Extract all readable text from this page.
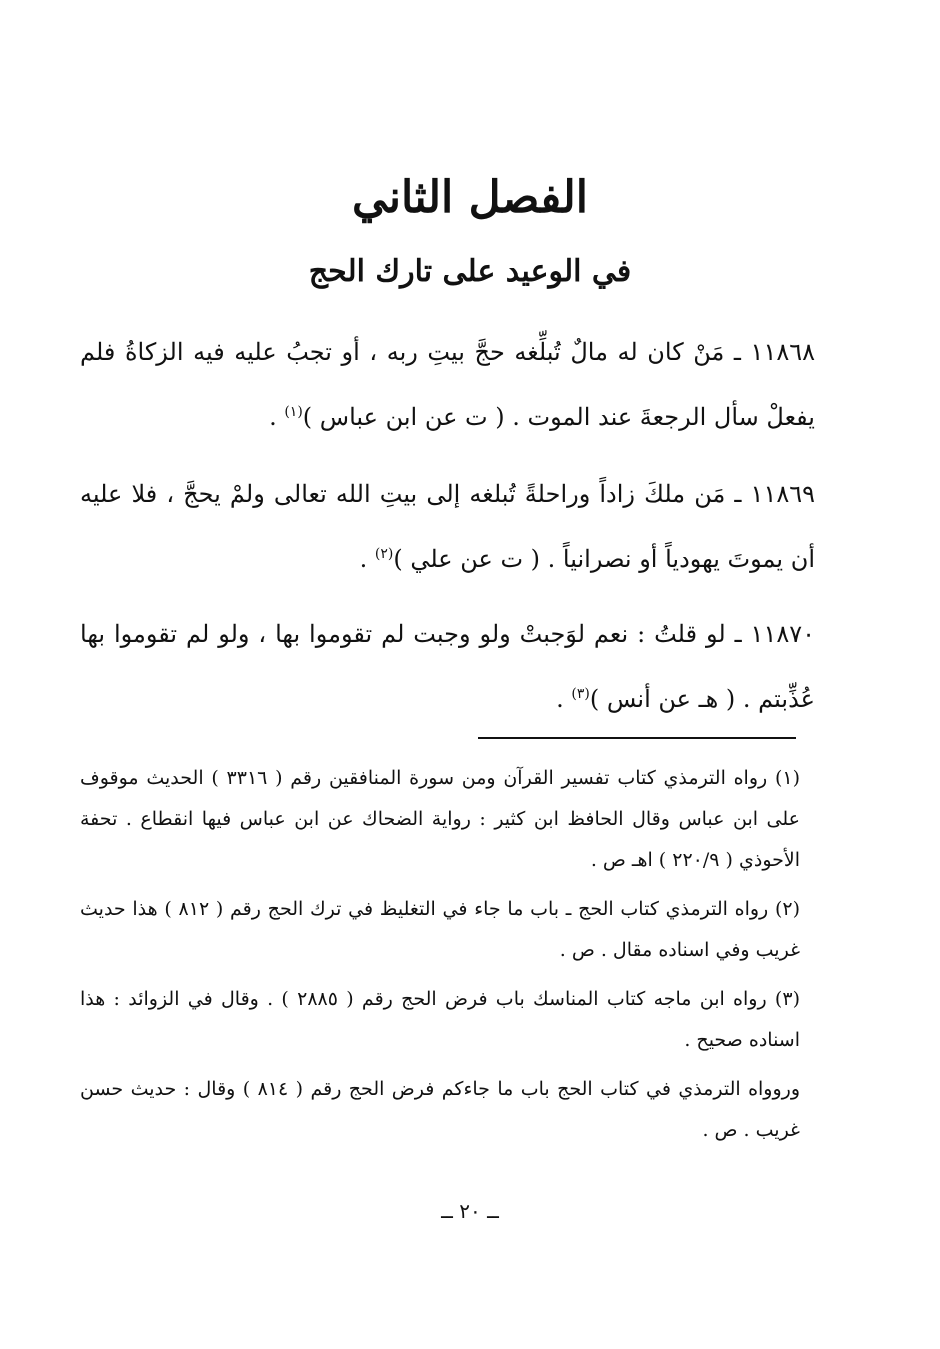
الفصل الثاني
في الوعيد على تارك الحج
١١٨٦٨ ـ مَنْ كان له مالٌ تُبلِّغه حجَّ بيتِ ربه ، أو تجبُ عليه فيه الزكاةُ فلم يفعلْ سأل الرجعةَ عند الموت . ( ت عن ابن عباس )$^{(١)}$ .
١١٨٦٩ ـ مَن ملكَ زاداً وراحلةً تُبلغه إلى بيتِ الله تعالى ولمْ يحجَّ ، فلا عليه أن يموتَ يهودياً أو نصرانياً . ( ت عن علي )$^{(٢)}$ .
١١٨٧٠ ـ لو قلتُ : نعم لوَجبتْ ولو وجبت لم تقوموا بها ، ولو لم تقوموا بها عُذِّبتم . ( هـ عن أنس )$^{(٣)}$ .

(١) رواه الترمذي كتاب تفسير القرآن ومن سورة المنافقين رقم ( ٣٣١٦ ) الحديث موقوف على ابن عباس وقال الحافظ ابن كثير : رواية الضحاك عن ابن عباس فيها انقطاع . تحفة الأحوذي ( ٢٢٠/٩ ) اهـ ص .

(٢) رواه الترمذي كتاب الحج ـ باب ما جاء في التغليظ في ترك الحج رقم ( ٨١٢ ) هذا حديث غريب وفي اسناده مقال . ص .

(٣) رواه ابن ماجه كتاب المناسك باب فرض الحج رقم ( ٢٨٨٥ ) . وقال في الزوائد : هذا اسناده صحيح .

وروواه الترمذي في كتاب الحج باب ما جاءكم فرض الحج رقم ( ٨١٤ ) وقال : حديث حسن غريب . ص .

ــ ٢٠ ــ
